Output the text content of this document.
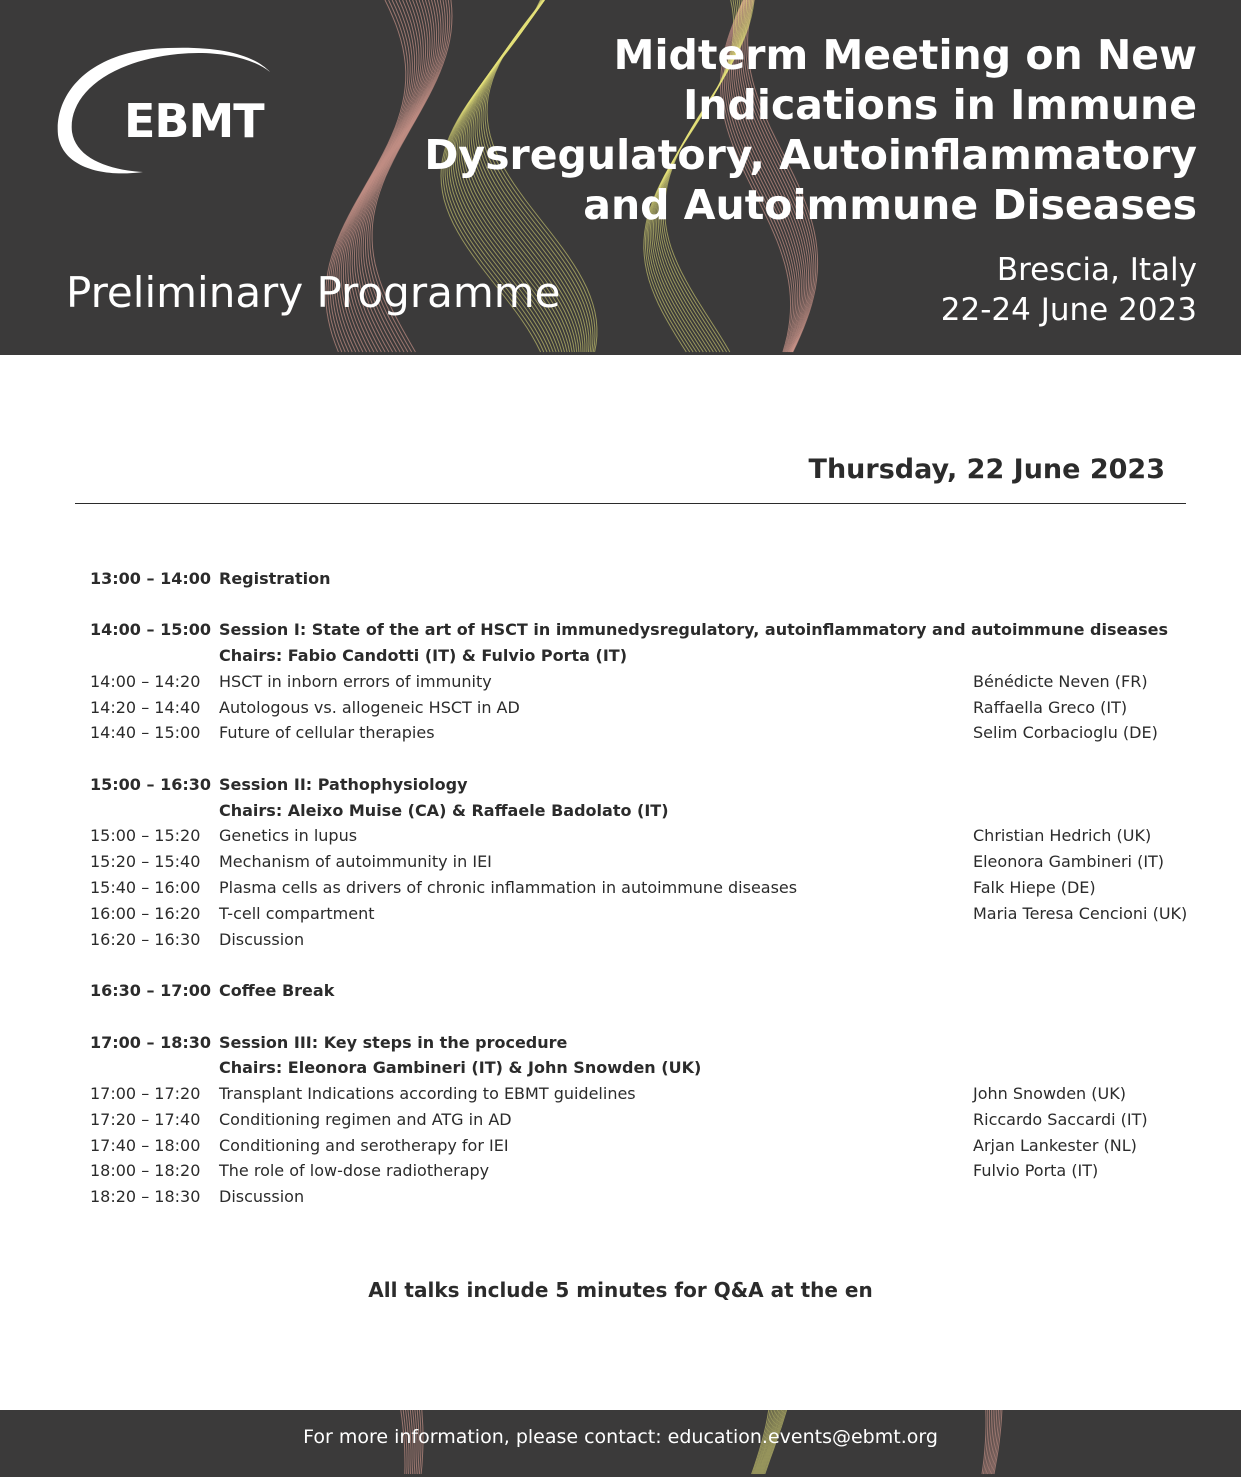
EBMT
Midterm Meeting on New
Indications in Immune
Dysregulatory, Autoinflammatory
and Autoimmune Diseases
Preliminary Programme	Brescia, Italy
22-24 June 2023
Thursday, 22 June 2023
13:00 – 14:00 Registration
14:00 – 15:00 Session I: State of the art of HSCT in immunedysregulatory, autoinflammatory and autoimmune diseases
Chairs: Fabio Candotti (IT) & Fulvio Porta (IT)
14:00 – 14:20 HSCT in inborn errors of immunity	Bénédicte Neven (FR)
14:20 – 14:40 Autologous vs. allogeneic HSCT in AD	Raffaella Greco (IT)
14:40 – 15:00 Future of cellular therapies	Selim Corbacioglu (DE)
15:00 – 16:30 Session II: Pathophysiology
Chairs: Aleixo Muise (CA) & Raffaele Badolato (IT)
15:00 – 15:20 Genetics in lupus	Christian Hedrich (UK)
15:20 – 15:40 Mechanism of autoimmunity in IEI	Eleonora Gambineri (IT)
15:40 – 16:00 Plasma cells as drivers of chronic inflammation in autoimmune diseases	Falk Hiepe (DE)
16:00 – 16:20 T-cell compartment	Maria Teresa Cencioni (UK)
16:20 – 16:30 Discussion
16:30 – 17:00 Coffee Break
17:00 – 18:30 Session III: Key steps in the procedure
Chairs: Eleonora Gambineri (IT) & John Snowden (UK)
17:00 – 17:20 Transplant Indications according to EBMT guidelines	John Snowden (UK)
17:20 – 17:40 Conditioning regimen and ATG in AD	Riccardo Saccardi (IT)
17:40 – 18:00 Conditioning and serotherapy for IEI	Arjan Lankester (NL)
18:00 – 18:20 The role of low-dose radiotherapy	Fulvio Porta (IT)
18:20 – 18:30 Discussion
All talks include 5 minutes for Q&A at the en
For more information, please contact: education.events@ebmt.org
